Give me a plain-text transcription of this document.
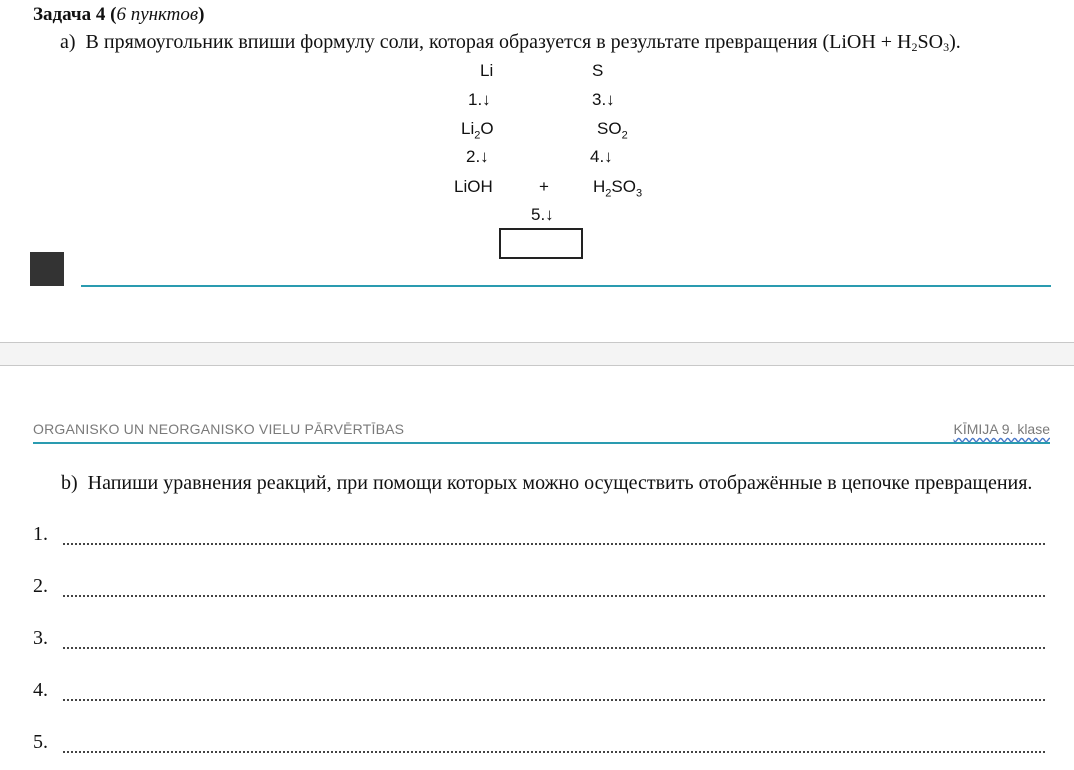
Задача 4 (6 пунктов)
а) В прямоугольник впиши формулу соли, которая образуется в результате превращения (LiOH + $H_2SO_3$).
Li	S
1.↓	3.↓
$Li_2O$	$SO_2$
2.↓	4.↓
LiOH	+	$H_2SO_3$
5.↓
ORGANISKO UN NEORGANISKO VIELU PĀRVĒRTĪBAS	KĪMIJA 9. klase
b) Напиши уравнения реакций, при помощи которых можно осуществить отображённые в цепочке превращения.
1.
2.
3.
4.
5.
